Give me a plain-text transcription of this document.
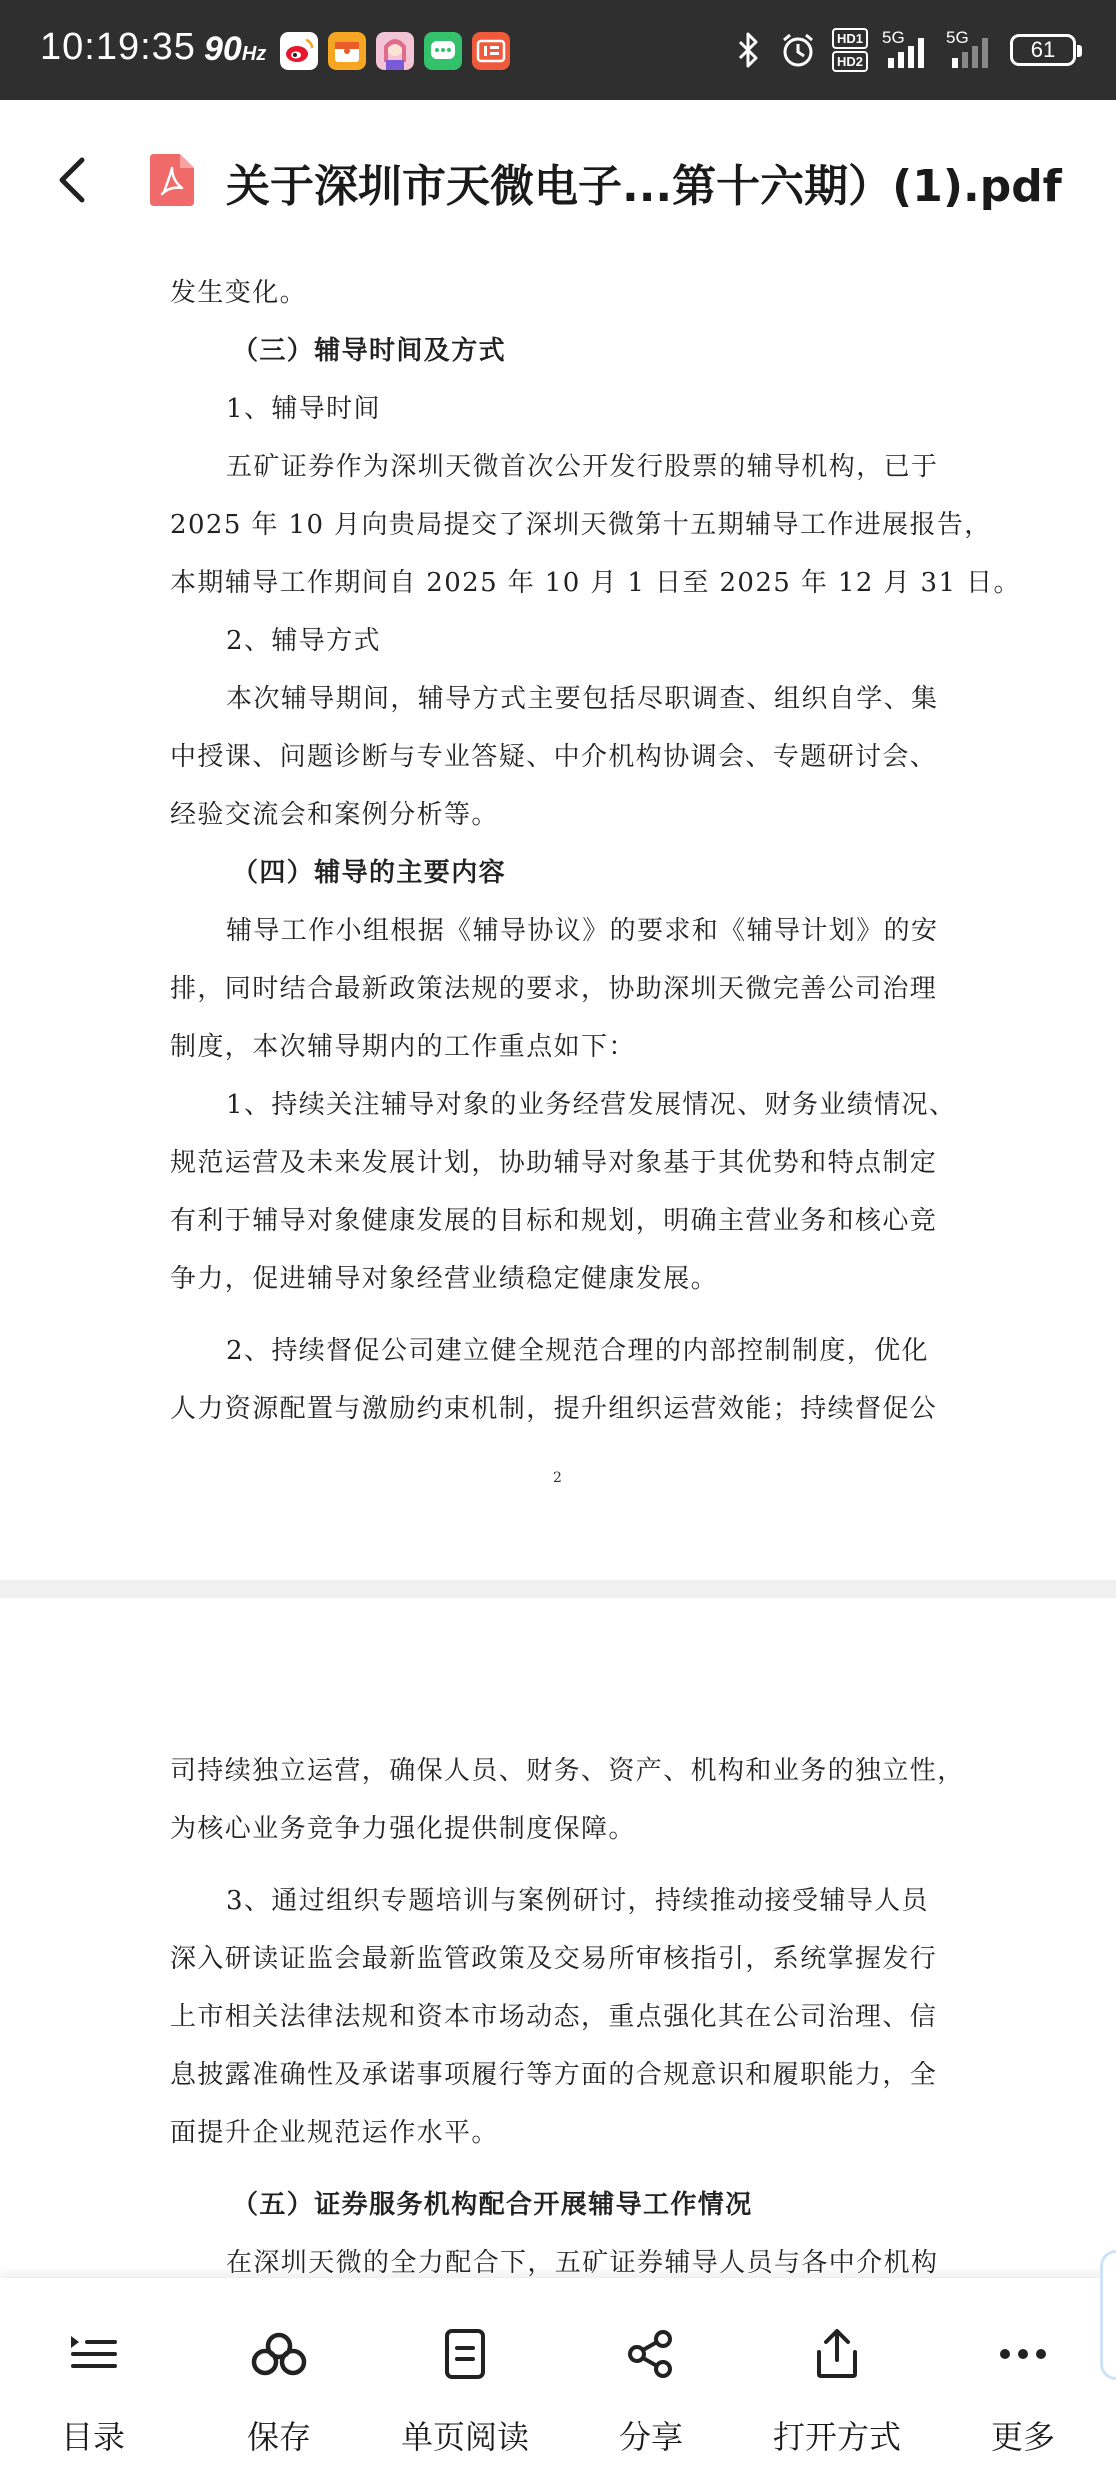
10:19:35 90Hz
HD1
HD2
5G 5G	61
关于深圳市天微电子...第十六期）(1).pdf
发生变化。
（三）辅导时间及方式
1、辅导时间
五矿证券作为深圳天微首次公开发行股票的辅导机构，已于
2025 年 10 月向贵局提交了深圳天微第十五期辅导工作进展报告，
本期辅导工作期间自 2025 年 10 月 1 日至 2025 年 12 月 31 日。
2、辅导方式
本次辅导期间，辅导方式主要包括尽职调查、组织自学、集
中授课、问题诊断与专业答疑、中介机构协调会、专题研讨会、
经验交流会和案例分析等。
（四）辅导的主要内容
辅导工作小组根据《辅导协议》的要求和《辅导计划》的安
排，同时结合最新政策法规的要求，协助深圳天微完善公司治理
制度，本次辅导期内的工作重点如下：
1、持续关注辅导对象的业务经营发展情况、财务业绩情况、
规范运营及未来发展计划，协助辅导对象基于其优势和特点制定
有利于辅导对象健康发展的目标和规划，明确主营业务和核心竞
争力，促进辅导对象经营业绩稳定健康发展。
2、持续督促公司建立健全规范合理的内部控制制度，优化
人力资源配置与激励约束机制，提升组织运营效能；持续督促公
2
司持续独立运营，确保人员、财务、资产、机构和业务的独立性，
为核心业务竞争力强化提供制度保障。
3、通过组织专题培训与案例研讨，持续推动接受辅导人员
深入研读证监会最新监管政策及交易所审核指引，系统掌握发行
上市相关法律法规和资本市场动态，重点强化其在公司治理、信
息披露准确性及承诺事项履行等方面的合规意识和履职能力，全
面提升企业规范运作水平。
（五）证券服务机构配合开展辅导工作情况
在深圳天微的全力配合下，五矿证券辅导人员与各中介机构
目录	保存	单页阅读	分享	打开方式	更多
